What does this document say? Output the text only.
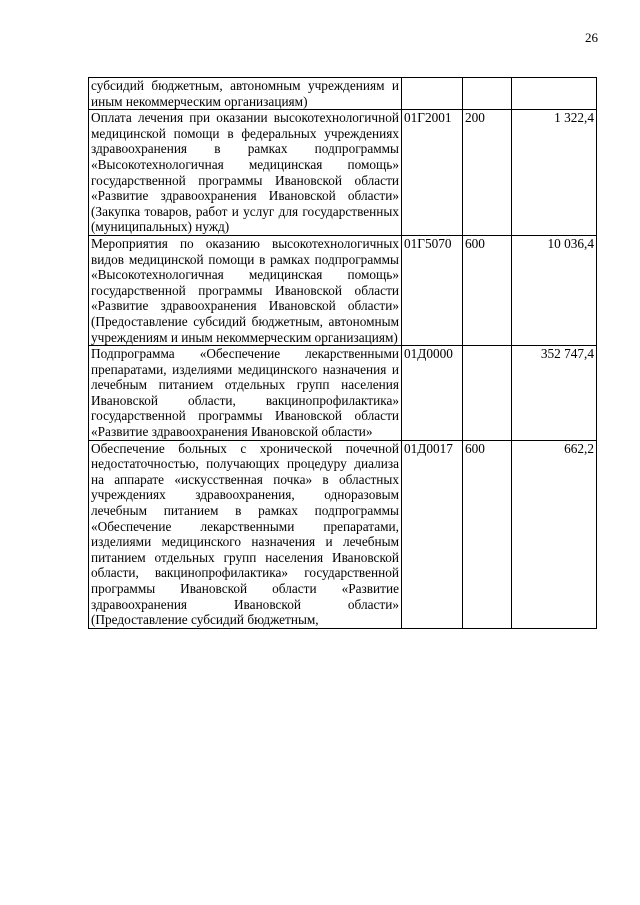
26
субсидий бюджетным, автономным учреждениям и иным некоммерческим организациям)			
Оплата лечения при оказании высокотехнологичной медицинской помощи в федеральных учреждениях здравоохранения в рамках подпрограммы «Высокотехнологичная медицинская помощь» государственной программы Ивановской области «Развитие здравоохранения Ивановской области» (Закупка товаров, работ и услуг для государственных (муниципальных) нужд)	01Г2001	200	1 322,4
Мероприятия по оказанию высокотехнологичных видов медицинской помощи в рамках подпрограммы «Высокотехнологичная медицинская помощь» государственной программы Ивановской области «Развитие здравоохранения Ивановской области» (Предоставление субсидий бюджетным, автономным учреждениям и иным некоммерческим организациям)	01Г5070	600	10 036,4
Подпрограмма «Обеспечение лекарственными препаратами, изделиями медицинского назначения и лечебным питанием отдельных групп населения Ивановской области, вакцинопрофилактика» государственной программы Ивановской области «Развитие здравоохранения Ивановской области»	01Д0000		352 747,4
Обеспечение больных с хронической почечной недостаточностью, получающих процедуру диализа на аппарате «искусственная почка» в областных учреждениях здравоохранения, одноразовым лечебным питанием в рамках подпрограммы «Обеспечение лекарственными препаратами, изделиями медицинского назначения и лечебным питанием отдельных групп населения Ивановской области, вакцинопрофилактика» государственной программы Ивановской области «Развитие здравоохранения Ивановской области» (Предоставление субсидий бюджетным,	01Д0017	600	662,2
